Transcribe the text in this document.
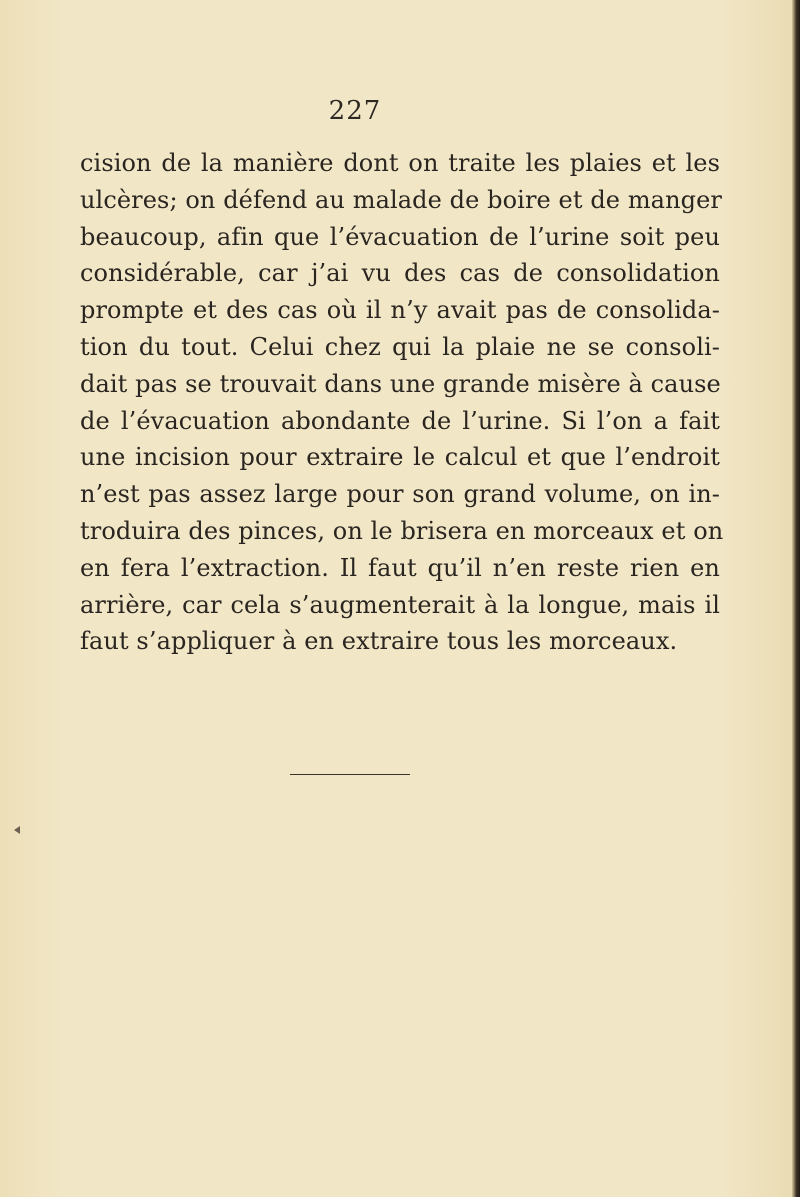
227
cision de la manière dont on traite les plaies et les
ulcères; on défend au malade de boire et de manger
beaucoup, afin que l’évacuation de l’urine soit peu
considérable, car j’ai vu des cas de consolidation
prompte et des cas où il n’y avait pas de consolida-
tion du tout. Celui chez qui la plaie ne se consoli-
dait pas se trouvait dans une grande misère à cause
de l’évacuation abondante de l’urine. Si l’on a fait
une incision pour extraire le calcul et que l’endroit
n’est pas assez large pour son grand volume, on in-
troduira des pinces, on le brisera en morceaux et on
en fera l’extraction. Il faut qu’il n’en reste rien en
arrière, car cela s’augmenterait à la longue, mais il
faut s’appliquer à en extraire tous les morceaux.
